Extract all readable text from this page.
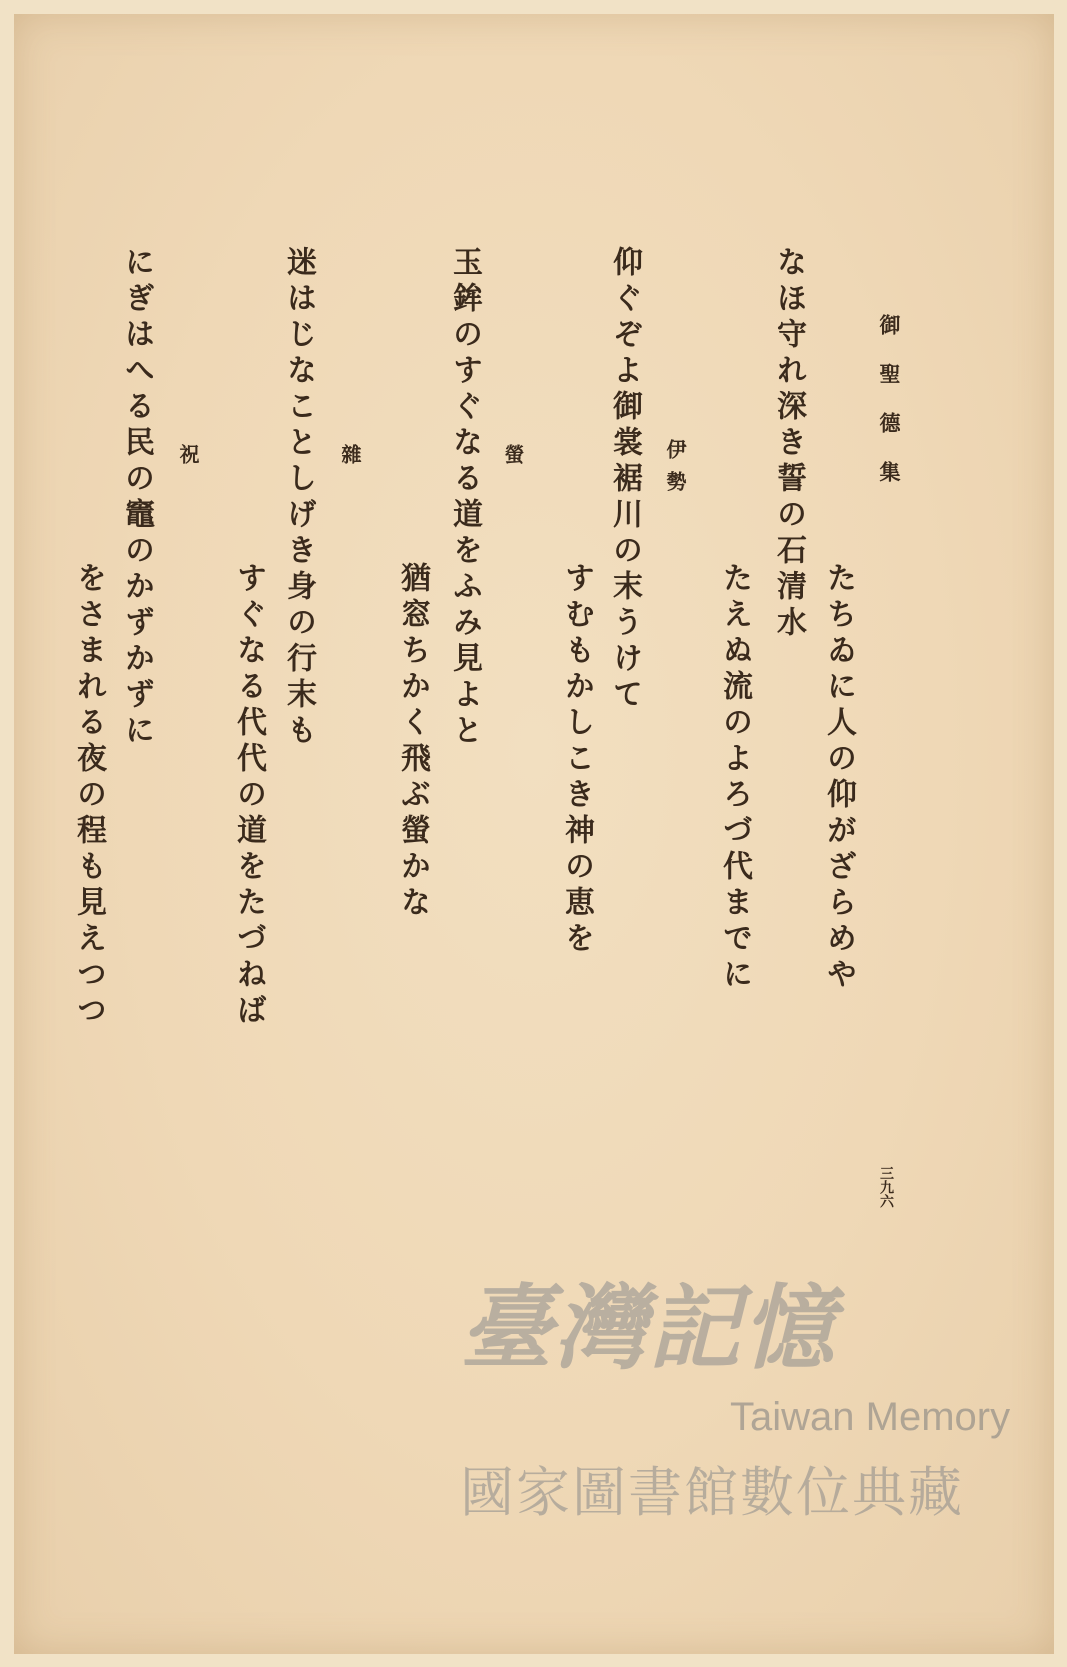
御聖德集
たちゐに人の仰がざらめや
なほ守れ深き誓の石清水
たえぬ流のよろづ代までに
伊勢
仰ぐぞよ御裳裾川の末うけて
すむもかしこき神の恵を
螢
玉鉾のすぐなる道をふみ見よと
猶窓ちかく飛ぶ螢かな
雜
迷はじなことしげき身の行末も
すぐなる代代の道をたづねば
祝
にぎはへる民の竈のかずかずに
をさまれる夜の程も見えつつ
三九六
臺灣記憶
Taiwan Memory
國家圖書館數位典藏
